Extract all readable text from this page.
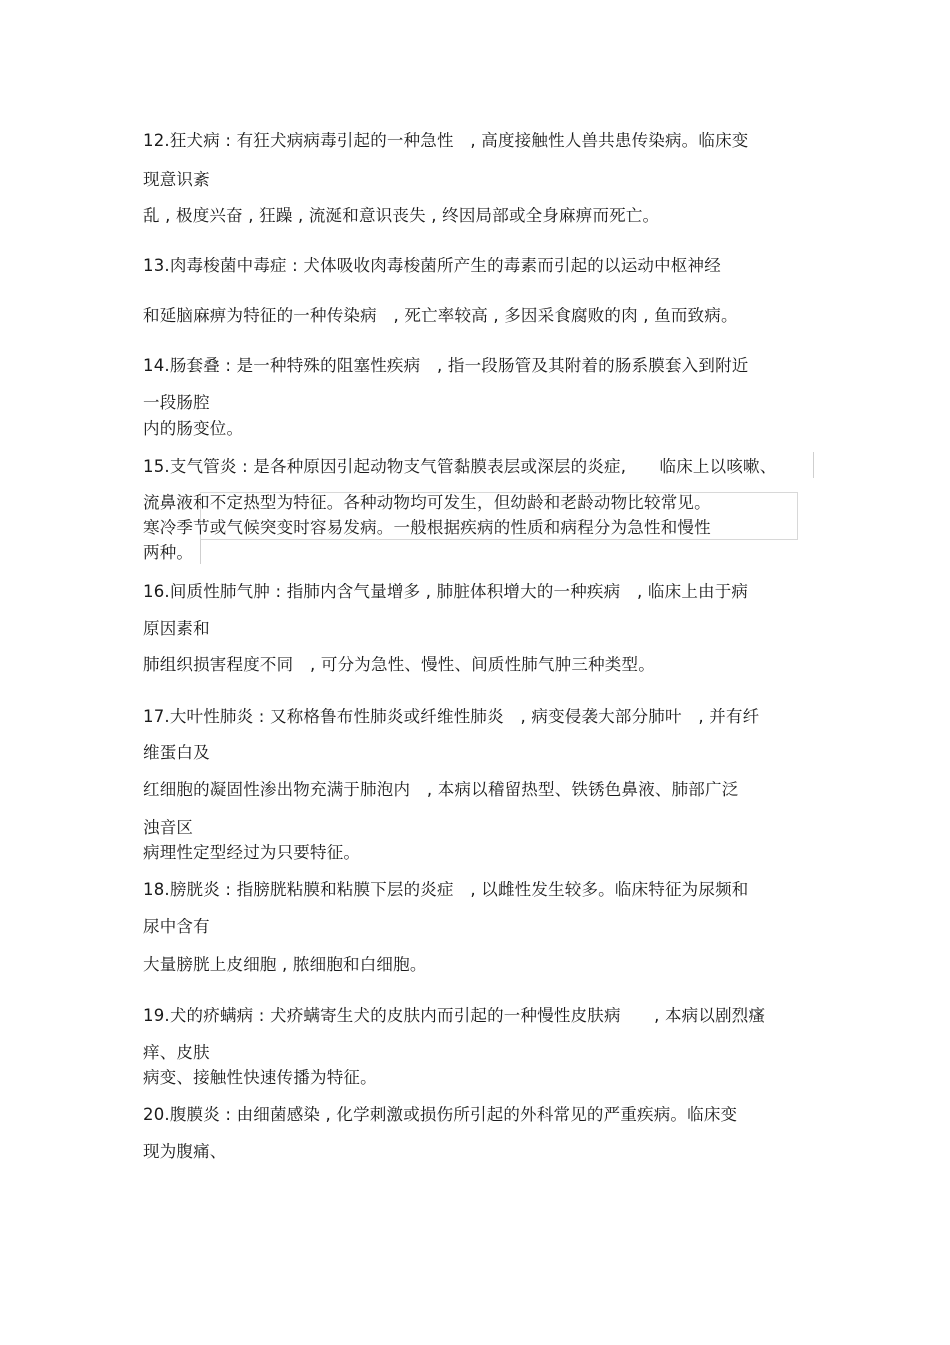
12.狂犬病 : 有狂犬病病毒引起的一种急性　, 高度接触性人兽共患传染病。临床变
现意识紊
乱 , 极度兴奋 , 狂躁 , 流涎和意识丧失 , 终因局部或全身麻痹而死亡。
13.肉毒梭菌中毒症 : 犬体吸收肉毒梭菌所产生的毒素而引起的以运动中枢神经
和延脑麻痹为特征的一种传染病　, 死亡率较高 , 多因采食腐败的肉 , 鱼而致病。
14.肠套叠 : 是一种特殊的阻塞性疾病　, 指一段肠管及其附着的肠系膜套入到附近
一段肠腔
内的肠变位。
15.支气管炎 : 是各种原因引起动物支气管黏膜表层或深层的炎症,　　临床上以咳嗽、
流鼻液和不定热型为特征。各种动物均可发生，但幼龄和老龄动物比较常见。
寒冷季节或气候突变时容易发病。一般根据疾病的性质和病程分为急性和慢性
两种。
16.间质性肺气肿 : 指肺内含气量增多 , 肺脏体积增大的一种疾病　, 临床上由于病
原因素和
肺组织损害程度不同　, 可分为急性、慢性、间质性肺气肿三种类型。
17.大叶性肺炎 : 又称格鲁布性肺炎或纤维性肺炎　, 病变侵袭大部分肺叶　, 并有纤
维蛋白及
红细胞的凝固性渗出物充满于肺泡内　, 本病以稽留热型、铁锈色鼻液、肺部广泛
浊音区
病理性定型经过为只要特征。
18.膀胱炎 : 指膀胱粘膜和粘膜下层的炎症　, 以雌性发生较多。临床特征为尿频和
尿中含有
大量膀胱上皮细胞 , 脓细胞和白细胞。
19.犬的疥螨病 : 犬疥螨寄生犬的皮肤内而引起的一种慢性皮肤病　　, 本病以剧烈瘙
痒、皮肤
病变、接触性快速传播为特征。
20.腹膜炎 : 由细菌感染 , 化学刺激或损伤所引起的外科常见的严重疾病。临床变
现为腹痛、
